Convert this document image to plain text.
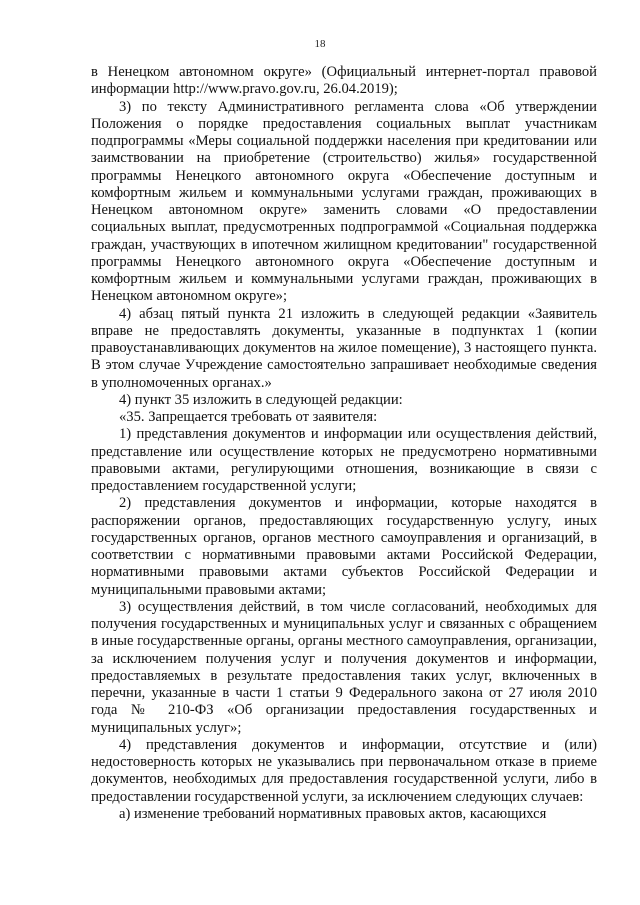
18

в Ненецком автономном округе» (Официальный интернет-портал правовой информации http://www.pravo.gov.ru, 26.04.2019);

3) по тексту Административного регламента слова «Об утверждении Положения о порядке предоставления социальных выплат участникам подпрограммы «Меры социальной поддержки населения при кредитовании или заимствовании на приобретение (строительство) жилья» государственной программы Ненецкого автономного округа «Обеспечение доступным и комфортным жильем и коммунальными услугами граждан, проживающих в Ненецком автономном округе» заменить словами «О предоставлении социальных выплат, предусмотренных подпрограммой «Социальная поддержка граждан, участвующих в ипотечном жилищном кредитовании" государственной программы Ненецкого автономного округа «Обеспечение доступным и комфортным жильем и коммунальными услугами граждан, проживающих в Ненецком автономном округе»;

4) абзац пятый пункта 21 изложить в следующей редакции «Заявитель вправе не предоставлять документы, указанные в подпунктах 1 (копии правоустанавливающих документов на жилое помещение), 3 настоящего пункта. В этом случае Учреждение самостоятельно запрашивает необходимые сведения в уполномоченных органах.»

4) пункт 35 изложить в следующей редакции:

«35. Запрещается требовать от заявителя:

1) представления документов и информации или осуществления действий, представление или осуществление которых не предусмотрено нормативными правовыми актами, регулирующими отношения, возникающие в связи с предоставлением государственной услуги;

2) представления документов и информации, которые находятся в распоряжении органов, предоставляющих государственную услугу, иных государственных органов, органов местного самоуправления и организаций, в соответствии с нормативными правовыми актами Российской Федерации, нормативными правовыми актами субъектов Российской Федерации и муниципальными правовыми актами;

3) осуществления действий, в том числе согласований, необходимых для получения государственных и муниципальных услуг и связанных с обращением в иные государственные органы, органы местного самоуправления, организации, за исключением получения услуг и получения документов и информации, предоставляемых в результате предоставления таких услуг, включенных в перечни, указанные в части 1 статьи 9 Федерального закона от 27 июля 2010 года № 210-ФЗ «Об организации предоставления государственных и муниципальных услуг»;

4) представления документов и информации, отсутствие и (или) недостоверность которых не указывались при первоначальном отказе в приеме документов, необходимых для предоставления государственной услуги, либо в предоставлении государственной услуги, за исключением следующих случаев:

а) изменение требований нормативных правовых актов, касающихся
